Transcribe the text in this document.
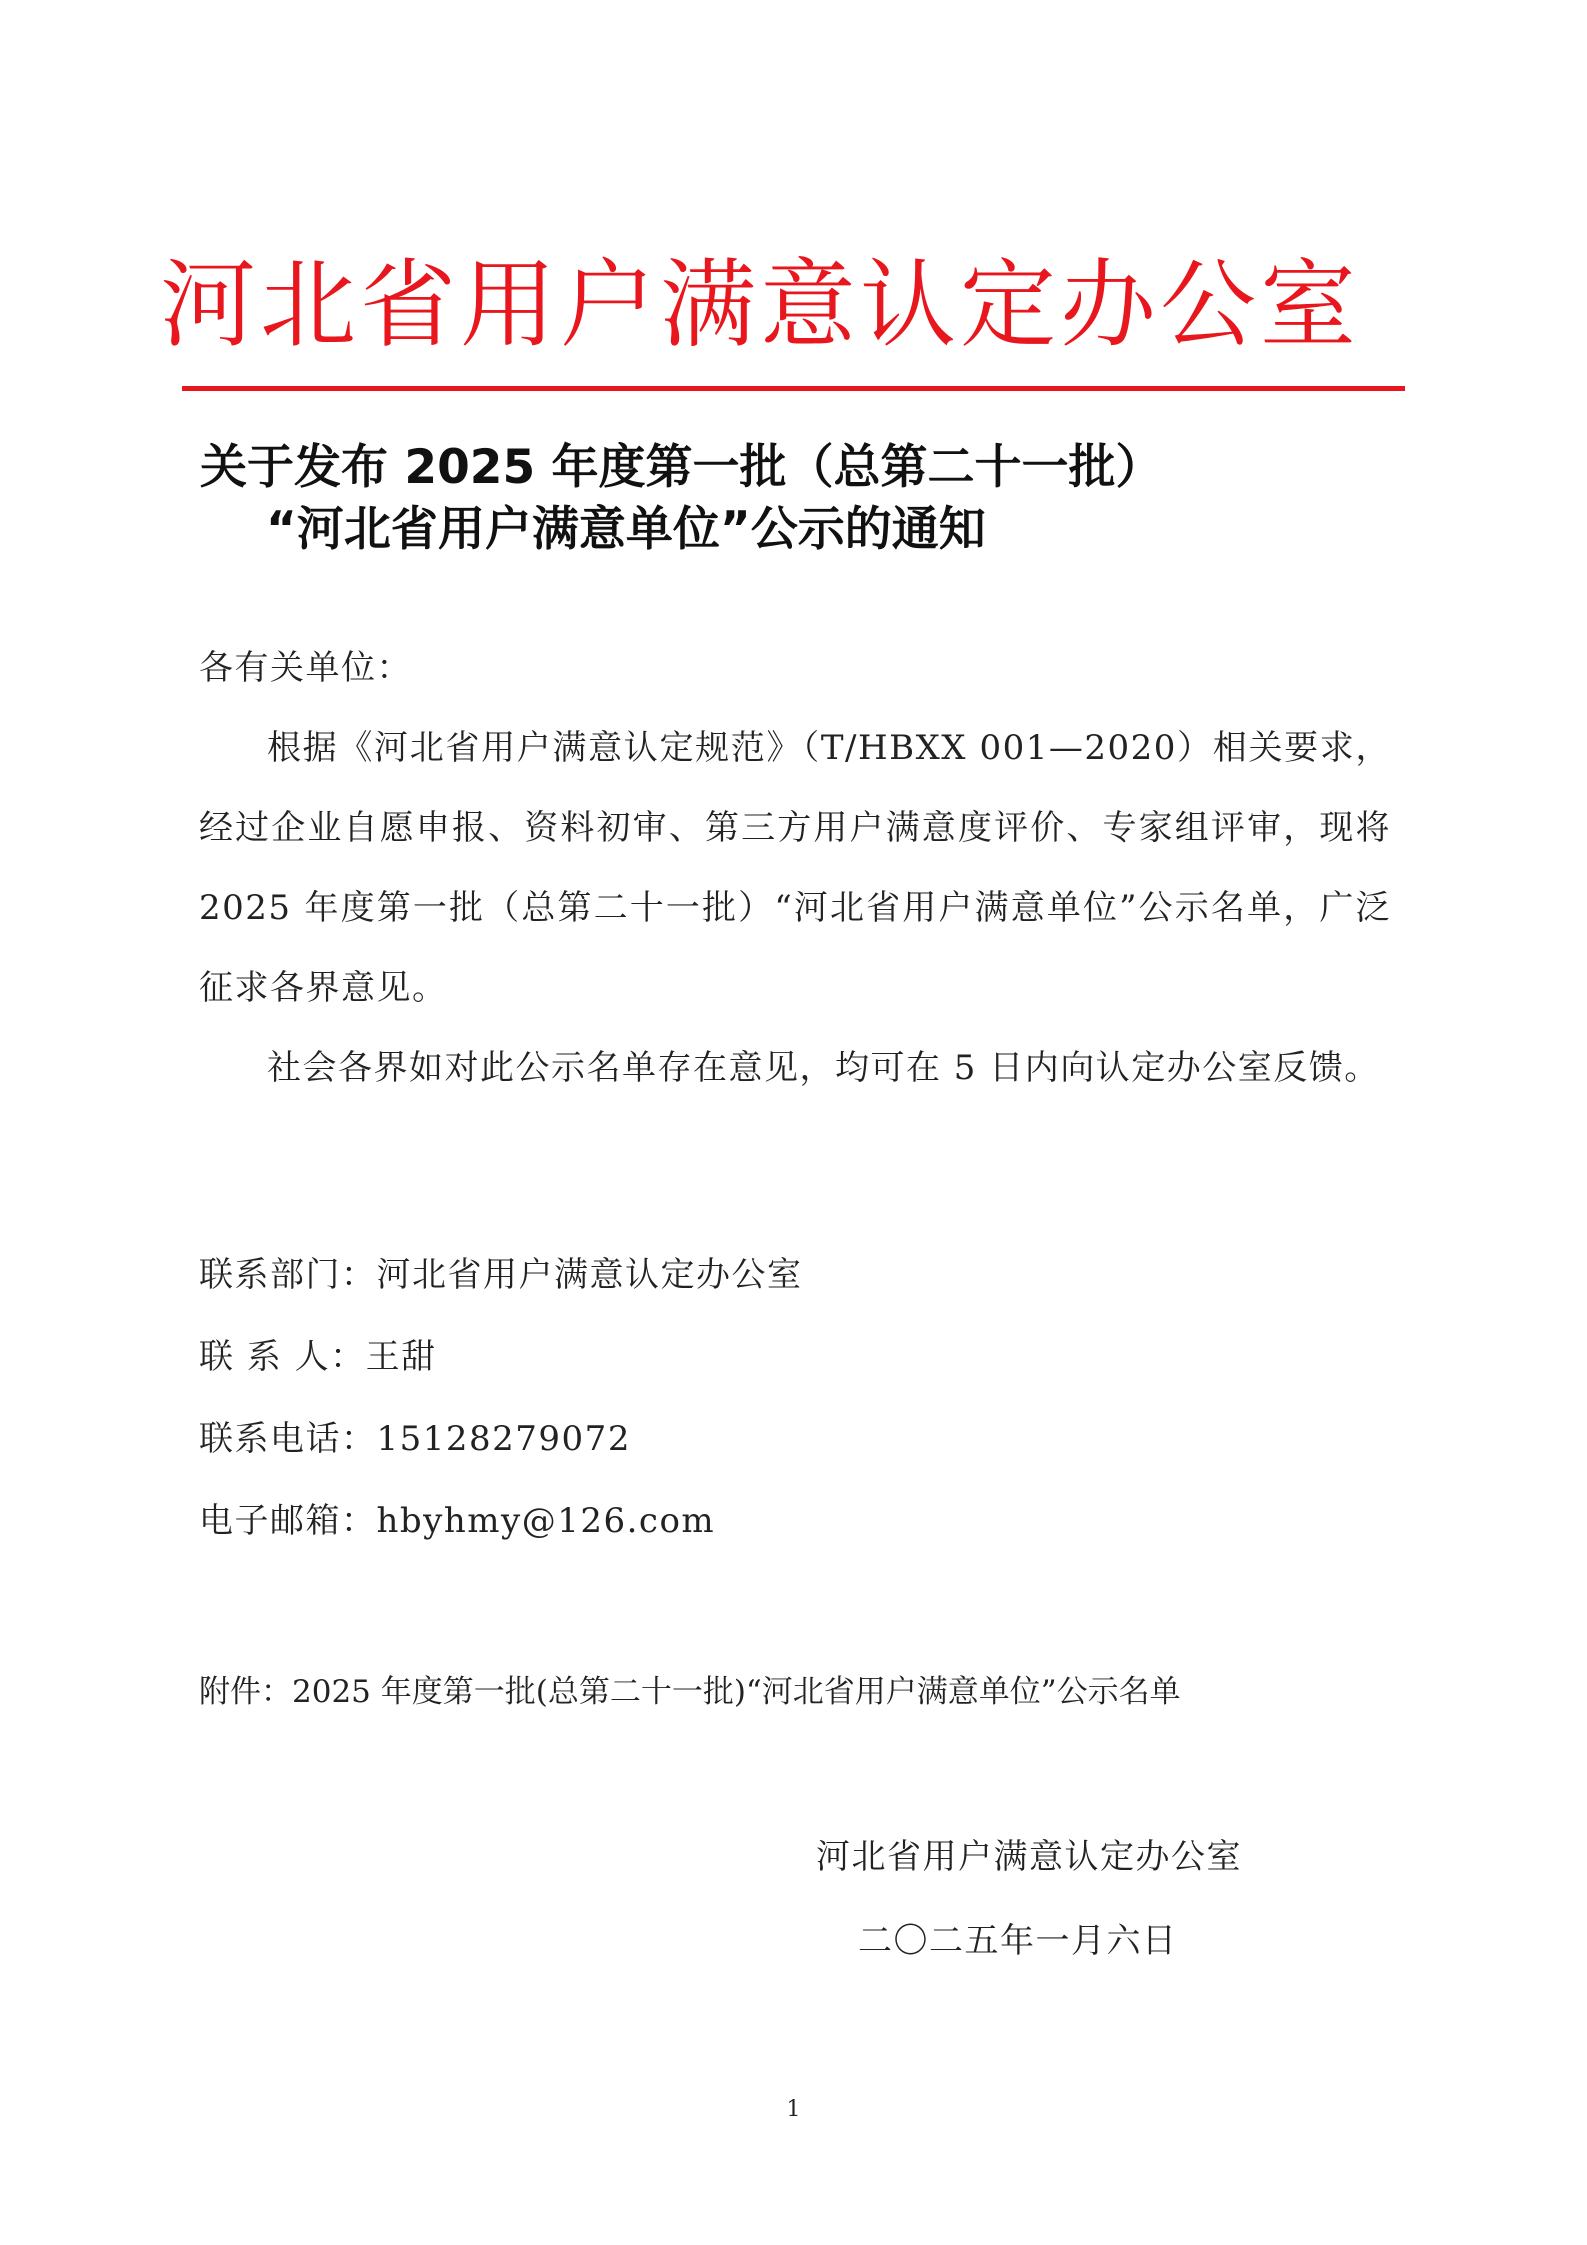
河北省用户满意认定办公室
关于发布 2025 年度第一批（总第二十一批）
“河北省用户满意单位”公示的通知

各有关单位：

根据《河北省用户满意认定规范》（T/HBXX 001—2020）相关要求，经过企业自愿申报、资料初审、第三方用户满意度评价、专家组评审，现将 2025 年度第一批（总第二十一批）“河北省用户满意单位”公示名单，广泛征求各界意见。

社会各界如对此公示名单存在意见，均可在 5 日内向认定办公室反馈。

联系部门： 河北省用户满意认定办公室
联 系 人： 王甜
联系电话： 15128279072
电子邮箱： hbyhmy@126.com
附件：2025 年度第一批(总第二十一批)“河北省用户满意单位”公示名单
河北省用户满意认定办公室
二〇二五年一月六日
1
